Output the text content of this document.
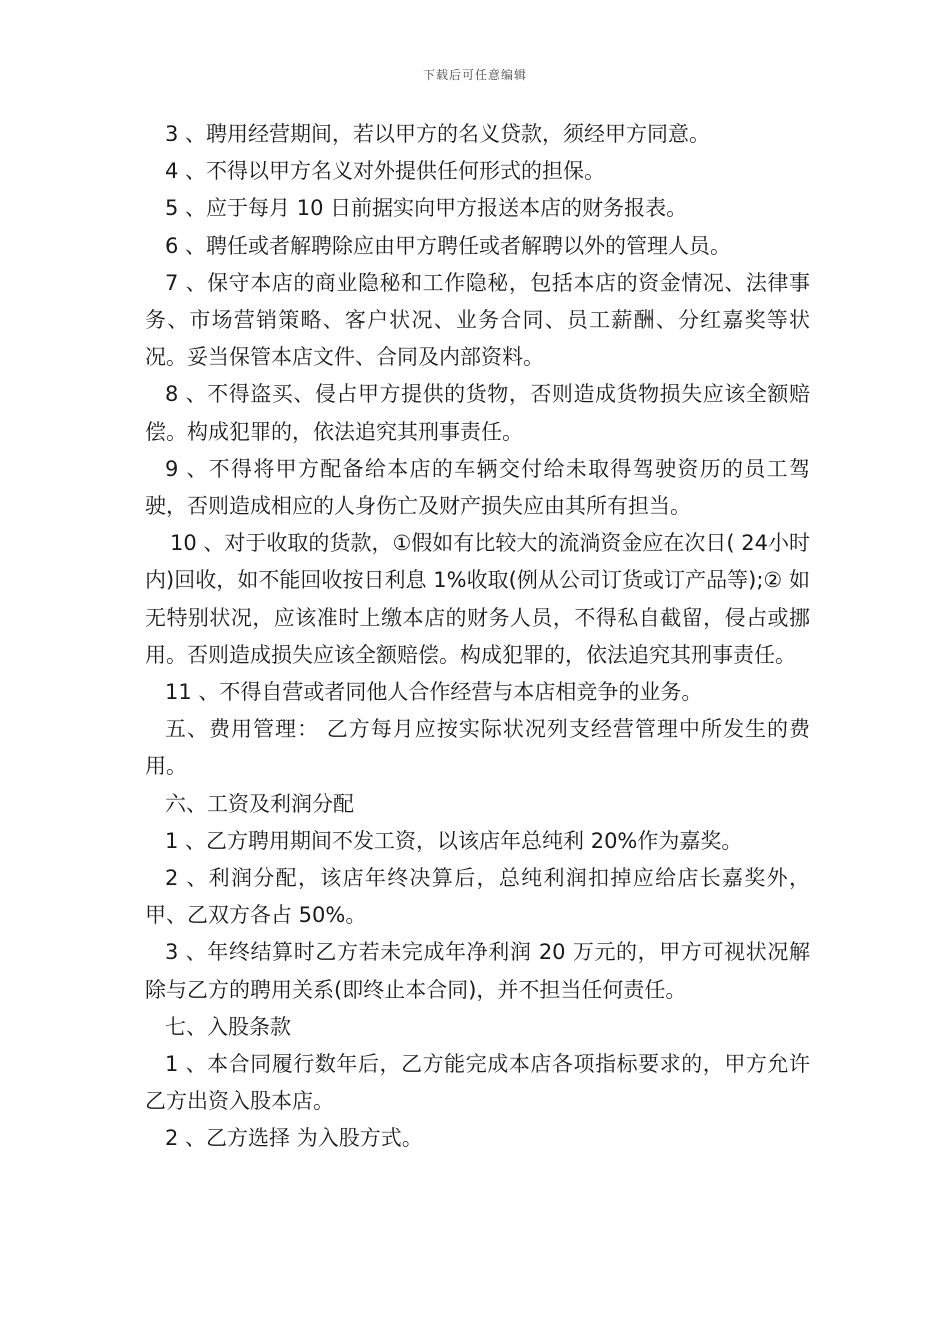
下载后可任意编辑

3 、聘用经营期间，若以甲方的名义贷款，须经甲方同意。

4 、不得以甲方名义对外提供任何形式的担保。

5 、应于每月 10 日前据实向甲方报送本店的财务报表。

6 、聘任或者解聘除应由甲方聘任或者解聘以外的管理人员。

7 、保守本店的商业隐秘和工作隐秘，包括本店的资金情况、法律事务、市场营销策略、客户状况、业务合同、员工薪酬、分红嘉奖等状况。妥当保管本店文件、合同及内部资料。

8 、不得盗买、侵占甲方提供的货物，否则造成货物损失应该全额赔偿。构成犯罪的，依法追究其刑事责任。

9 、不得将甲方配备给本店的车辆交付给未取得驾驶资历的员工驾驶，否则造成相应的人身伤亡及财产损失应由其所有担当。

10 、对于收取的货款，①假如有比较大的流淌资金应在次日( 24小时内)回收，如不能回收按日利息 1%收取(例从公司订货或订产品等);② 如无特别状况，应该准时上缴本店的财务人员，不得私自截留，侵占或挪用。否则造成损失应该全额赔偿。构成犯罪的，依法追究其刑事责任。

11 、不得自营或者同他人合作经营与本店相竞争的业务。

五、费用管理： 乙方每月应按实际状况列支经营管理中所发生的费用。

六、工资及利润分配

1 、乙方聘用期间不发工资，以该店年总纯利 20%作为嘉奖。

2 、利润分配，该店年终决算后，总纯利润扣掉应给店长嘉奖外，甲、乙双方各占 50%。

3 、年终结算时乙方若未完成年净利润 20 万元的，甲方可视状况解除与乙方的聘用关系(即终止本合同)，并不担当任何责任。

七、入股条款

1 、本合同履行数年后，乙方能完成本店各项指标要求的，甲方允许乙方出资入股本店。

2 、乙方选择 为入股方式。
